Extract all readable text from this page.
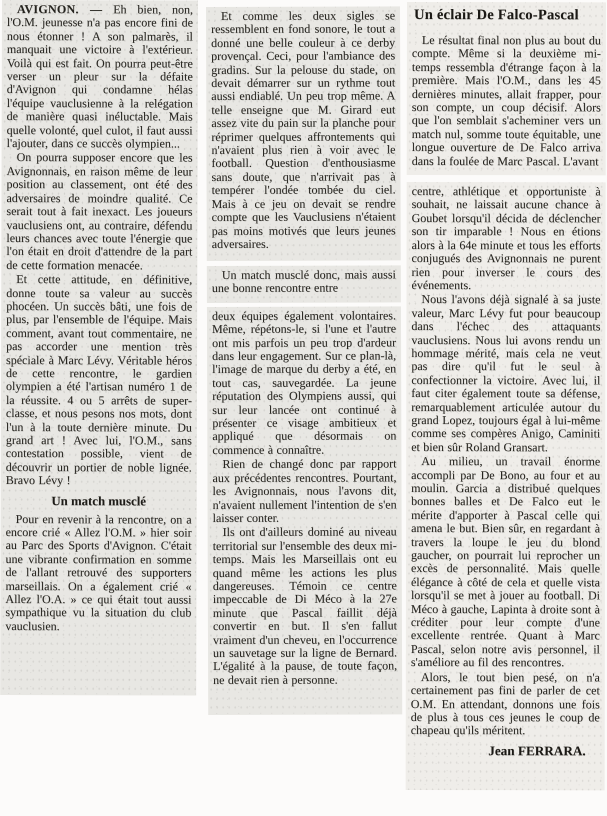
AVIGNON. — Eh bien, non, l'O.M. jeunesse n'a pas encore fini de nous étonner ! A son palmarès, il manquait une victoire à l'extérieur. Voilà qui est fait. On pourra peut-être verser un pleur sur la défaite d'Avignon qui condamne hélas l'équipe vauclusienne à la relégation de manière quasi inéluctable. Mais quelle volonté, quel culot, il faut aussi l'ajouter, dans ce succès olympien...

On pourra supposer encore que les Avignonnais, en raison même de leur position au classement, ont été des adversaires de moindre qualité. Ce serait tout à fait inexact. Les joueurs vauclusiens ont, au contraire, défendu leurs chances avec toute l'énergie que l'on était en droit d'attendre de la part de cette formation menacée.

Et cette attitude, en définitive, donne toute sa valeur au succès phocéen. Un succès bâti, une fois de plus, par l'ensemble de l'équipe. Mais comment, avant tout commentaire, ne pas accorder une mention très spéciale à Marc Lévy. Véritable héros de cette rencontre, le gardien olympien a été l'artisan numéro 1 de la réussite. 4 ou 5 arrêts de super-classe, et nous pesons nos mots, dont l'un à la toute dernière minute. Du grand art ! Avec lui, l'O.M., sans contestation possible, vient de découvrir un portier de noble lignée. Bravo Lévy !

Un match musclé

Pour en revenir à la rencontre, on a encore crié « Allez l'O.M. » hier soir au Parc des Sports d'Avignon. C'était une vibrante confirmation en somme de l'allant retrouvé des supporters marseillais. On a également crié « Allez l'O.A. » ce qui était tout aussi sympathique vu la situation du club vauclusien.

Et comme les deux sigles se ressemblent en fond sonore, le tout a donné une belle couleur à ce derby provençal. Ceci, pour l'ambiance des gradins. Sur la pelouse du stade, on devait démarrer sur un rythme tout aussi endiablé. Un peu trop même. A telle enseigne que M. Girard eut assez vite du pain sur la planche pour réprimer quelques affrontements qui n'avaient plus rien à voir avec le football. Question d'enthousiasme sans doute, que n'arrivait pas à tempérer l'ondée tombée du ciel. Mais à ce jeu on devait se rendre compte que les Vauclusiens n'étaient pas moins motivés que leurs jeunes adversaires.

Un match musclé donc, mais aussi une bonne rencontre entre

deux équipes également volontaires. Même, répétons-le, si l'une et l'autre ont mis parfois un peu trop d'ardeur dans leur engagement. Sur ce plan-là, l'image de marque du derby a été, en tout cas, sauvegardée. La jeune réputation des Olympiens aussi, qui sur leur lancée ont continué à présenter ce visage ambitieux et appliqué que désormais on commence à connaître.

Rien de changé donc par rapport aux précédentes rencontres. Pourtant, les Avignonnais, nous l'avons dit, n'avaient nullement l'intention de s'en laisser conter.

Ils ont d'ailleurs dominé au niveau territorial sur l'ensemble des deux mi-temps. Mais les Marseillais ont eu quand même les actions les plus dangereuses. Témoin ce centre impeccable de Di Méco à la 27e minute que Pascal faillit déjà convertir en but. Il s'en fallut vraiment d'un cheveu, en l'occurrence un sauvetage sur la ligne de Bernard. L'égalité à la pause, de toute façon, ne devait rien à personne.

Un éclair De Falco-Pascal

Le résultat final non plus au bout du compte. Même si la deuxième mi-temps ressembla d'étrange façon à la première. Mais l'O.M., dans les 45 dernières minutes, allait frapper, pour son compte, un coup décisif. Alors que l'on semblait s'acheminer vers un match nul, somme toute équitable, une longue ouverture de De Falco arriva dans la foulée de Marc Pascal. L'avant

centre, athlétique et opportuniste à souhait, ne laissait aucune chance à Goubet lorsqu'il décida de déclencher son tir imparable ! Nous en étions alors à la 64e minute et tous les efforts conjugués des Avignonnais ne purent rien pour inverser le cours des événements.

Nous l'avons déjà signalé à sa juste valeur, Marc Lévy fut pour beaucoup dans l'échec des attaquants vauclusiens. Nous lui avons rendu un hommage mérité, mais cela ne veut pas dire qu'il fut le seul à confectionner la victoire. Avec lui, il faut citer également toute sa défense, remarquablement articulée autour du grand Lopez, toujours égal à lui-même comme ses compères Anigo, Caminiti et bien sûr Roland Gransart.

Au milieu, un travail énorme accompli par De Bono, au four et au moulin. Garcia a distribué quelques bonnes balles et De Falco eut le mérite d'apporter à Pascal celle qui amena le but. Bien sûr, en regardant à travers la loupe le jeu du blond gaucher, on pourrait lui reprocher un excès de personnalité. Mais quelle élégance à côté de cela et quelle vista lorsqu'il se met à jouer au football. Di Méco à gauche, Lapinta à droite sont à créditer pour leur compte d'une excellente rentrée. Quant à Marc Pascal, selon notre avis personnel, il s'améliore au fil des rencontres.

Alors, le tout bien pesé, on n'a certainement pas fini de parler de cet O.M. En attendant, donnons une fois de plus à tous ces jeunes le coup de chapeau qu'ils méritent.

Jean FERRARA.
